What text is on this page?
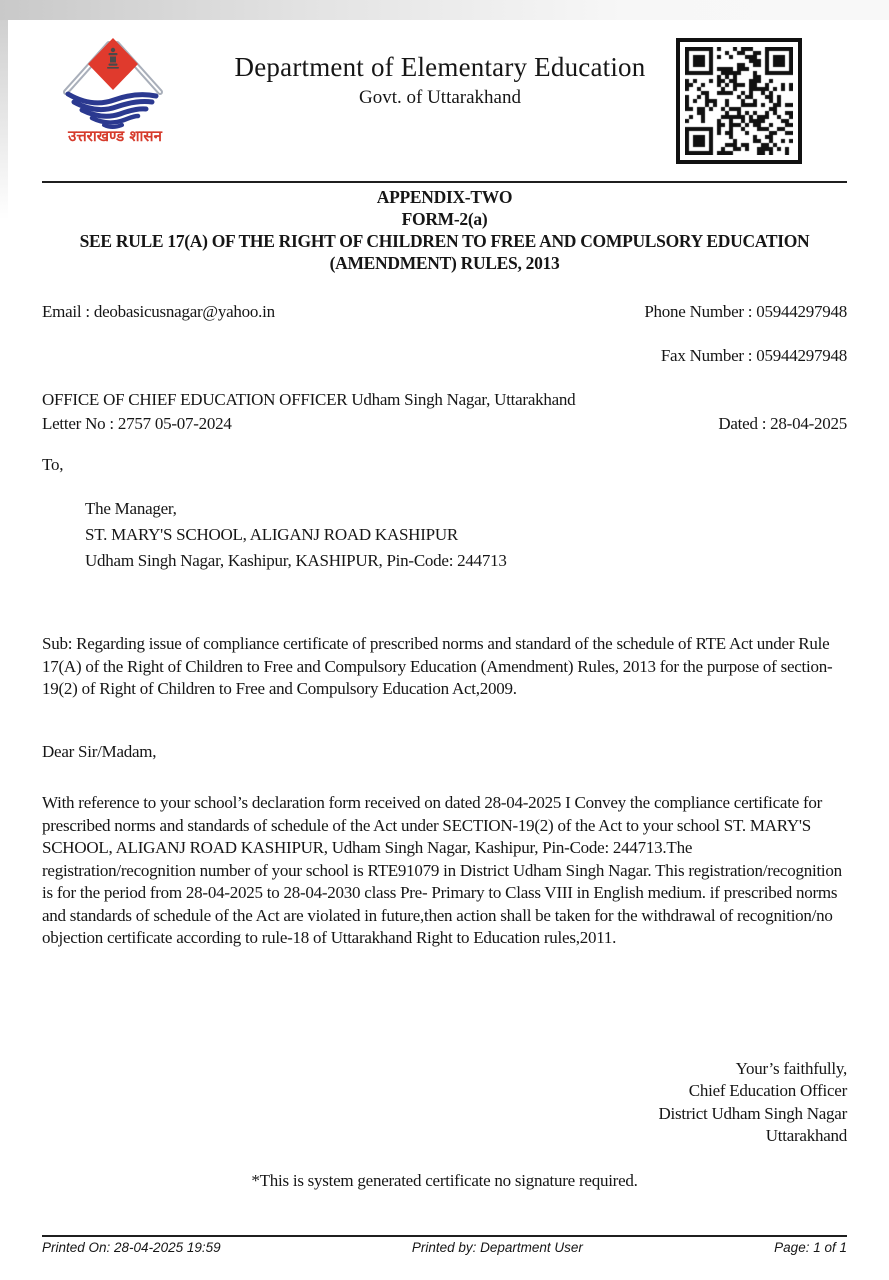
उत्तराखण्ड शासन
Department of Elementary Education
Govt. of Uttarakhand
APPENDIX-TWO
FORM-2(a)
SEE RULE 17(A) OF THE RIGHT OF CHILDREN TO FREE AND COMPULSORY EDUCATION
(AMENDMENT) RULES, 2013
Email : deobasicusnagar@yahoo.in	Phone Number : 05944297948
Fax Number : 05944297948
OFFICE OF CHIEF EDUCATION OFFICER Udham Singh Nagar, Uttarakhand
Letter No : 2757 05-07-2024	Dated : 28-04-2025
To,
The Manager,
ST. MARY'S SCHOOL, ALIGANJ ROAD KASHIPUR
Udham Singh Nagar, Kashipur, KASHIPUR, Pin-Code: 244713
Sub: Regarding issue of compliance certificate of prescribed norms and standard of the schedule of RTE Act under Rule 17(A) of the Right of Children to Free and Compulsory Education (Amendment) Rules, 2013 for the purpose of section- 19(2) of Right of Children to Free and Compulsory Education Act,2009.
Dear Sir/Madam,
With reference to your school’s declaration form received on dated 28-04-2025 I Convey the compliance certificate for prescribed norms and standards of schedule of the Act under SECTION-19(2) of the Act to your school ST. MARY'S SCHOOL, ALIGANJ ROAD KASHIPUR, Udham Singh Nagar, Kashipur, Pin-Code: 244713.The registration/recognition number of your school is RTE91079 in District Udham Singh Nagar. This registration/recognition is for the period from 28-04-2025 to 28-04-2030 class Pre- Primary to Class VIII in English medium. if prescribed norms and standards of schedule of the Act are violated in future,then action shall be taken for the withdrawal of recognition/no objection certificate according to rule-18 of Uttarakhand Right to Education rules,2011.
Your’s faithfully,
Chief Education Officer
District Udham Singh Nagar
Uttarakhand
*This is system generated certificate no signature required.
Printed On: 28-04-2025 19:59	Printed by: Department User	Page: 1 of 1
